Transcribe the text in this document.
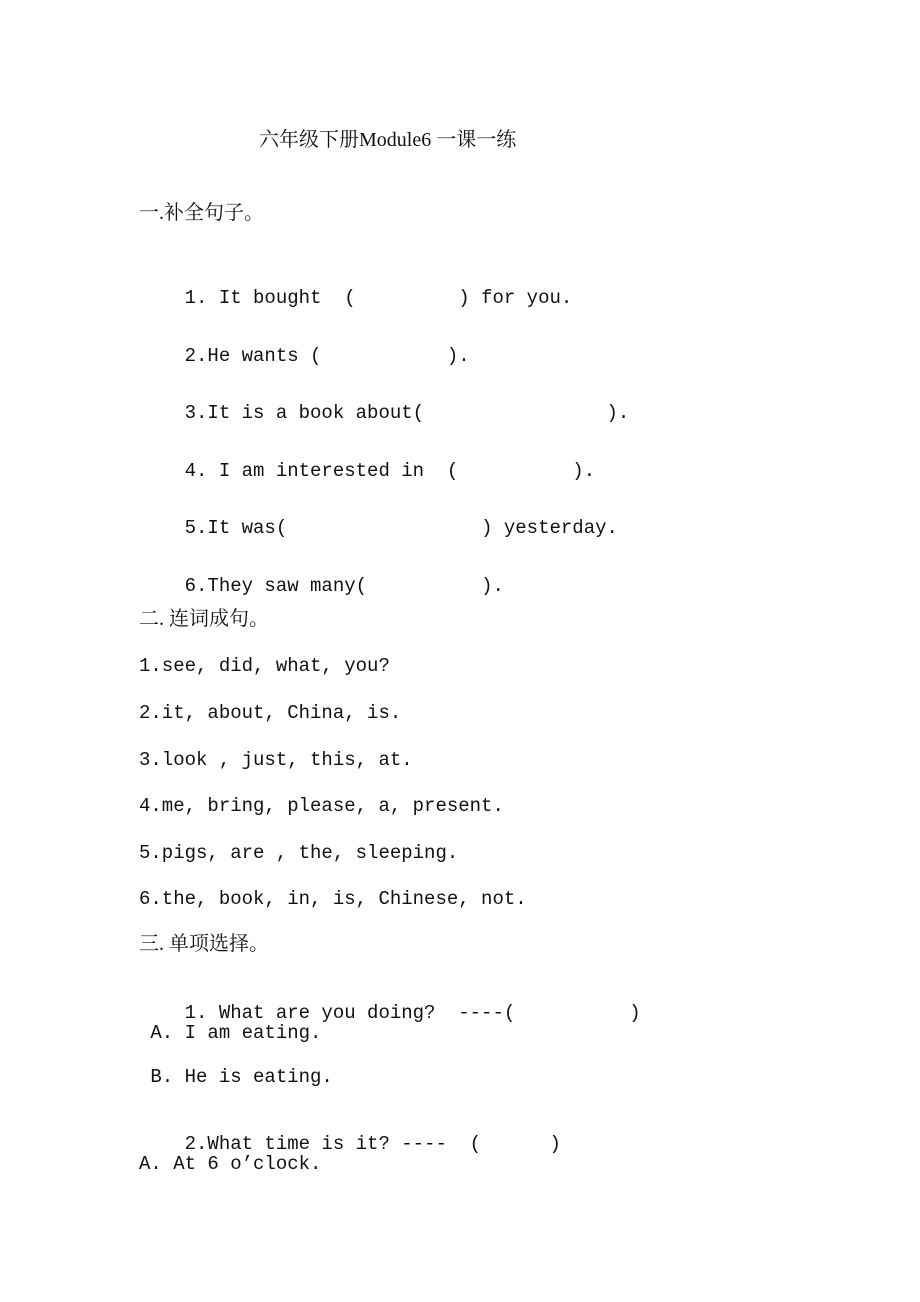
六年级下册Module6 一课一练
一.补全句子。

1. It bought  (	) for you.

2.He wants (	).

3.It is a book about(	).

4. I am interested in  (	).

5.It was(	) yesterday.

6.They saw many(	).

二. 连词成句。
1.see, did, what, you?
2.it, about, China, is.
3.look , just, this, at.
4.me, bring, please, a, present.
5.pigs, are , the, sleeping.
6.the, book, in, is, Chinese, not.
三. 单项选择。

1. What are you doing?  ----(	)

A. I am eating.
B. He is eating.

2.What time is it? ----  (	)

A. At 6 o’clock.
